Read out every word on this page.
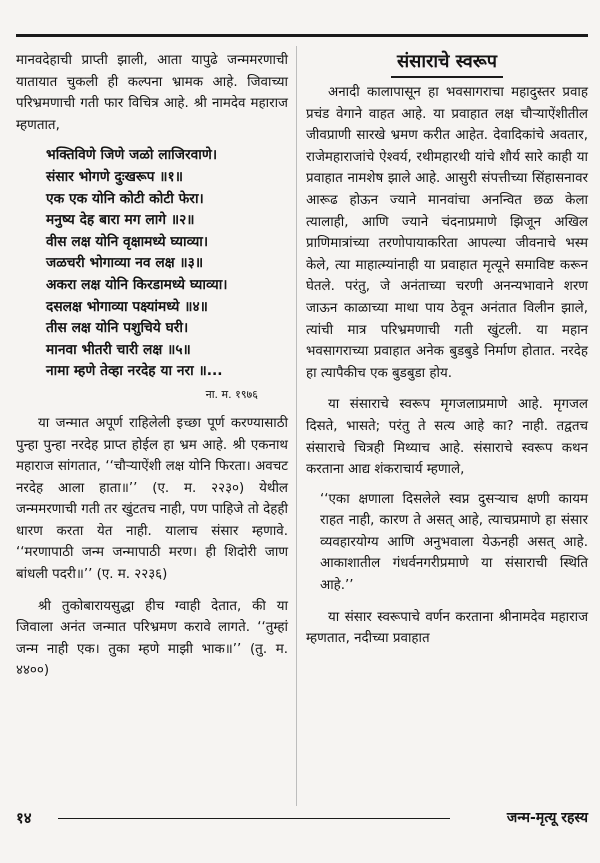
मानवदेहाची प्राप्ती झाली, आता यापुढे जन्ममरणाची यातायात चुकली ही कल्पना भ्रामक आहे. जिवाच्या परिभ्रमणाची गती फार विचित्र आहे. श्री नामदेव महाराज म्हणतात,

भक्तिविणे जिणे जळो लाजिरवाणे।
संसार भोगणे दुःखरूप ॥१॥
एक एक योनि कोटी कोटी फेरा।
मनुष्य देह बारा मग लागे ॥२॥
वीस लक्ष योनि वृक्षामध्ये घ्याव्या।
जळचरी भोगाव्या नव लक्ष ॥३॥
अकरा लक्ष योनि किरडामध्ये घ्याव्या।
दसलक्ष भोगाव्या पक्ष्यांमध्ये ॥४॥
तीस लक्ष योनि पशुचिये घरी।
मानवा भीतरी चारी लक्ष ॥५॥
नामा म्हणे तेव्हा नरदेह या नरा ॥...
ना. म. १९७६

या जन्मात अपूर्ण राहिलेली इच्छा पूर्ण करण्यासाठी पुन्हा पुन्हा नरदेह प्राप्त होईल हा भ्रम आहे. श्री एकनाथ महाराज सांगतात, ‘‘चौऱ्याऐंशी लक्ष योनि फिरता। अवचट नरदेह आला हाता॥’’ (ए. म. २२३०) येथील जन्ममरणाची गती तर खुंटतच नाही, पण पाहिजे तो देहही धारण करता येत नाही. यालाच संसार म्हणावे. ‘‘मरणापाठी जन्म जन्मापाठी मरण। ही शिदोरी जाण बांधली पदरी॥’’ (ए. म. २२३६)

श्री तुकोबारायसुद्धा हीच ग्वाही देतात, की या जिवाला अनंत जन्मात परिभ्रमण करावे लागते. ‘‘तुम्हां जन्म नाही एक। तुका म्हणे माझी भाक॥’’ (तु. म. ४४००)

संसाराचे स्वरूप

अनादी कालापासून हा भवसागराचा महादुस्तर प्रवाह प्रचंड वेगाने वाहत आहे. या प्रवाहात लक्ष चौऱ्याऐंशीतील जीवप्राणी सारखे भ्रमण करीत आहेत. देवादिकांचे अवतार, राजेमहाराजांचे ऐश्वर्य, रथीमहारथी यांचे शौर्य सारे काही या प्रवाहात नामशेष झाले आहे. आसुरी संपत्तीच्या सिंहासनावर आरूढ होऊन ज्याने मानवांचा अनन्वित छळ केला त्यालाही, आणि ज्याने चंदनाप्रमाणे झिजून अखिल प्राणिमात्रांच्या तरणोपायाकरिता आपल्या जीवनाचे भस्म केले, त्या माहात्म्यांनाही या प्रवाहात मृत्यूने समाविष्ट करून घेतले. परंतु, जे अनंताच्या चरणी अनन्यभावाने शरण जाऊन काळाच्या माथा पाय ठेवून अनंतात विलीन झाले, त्यांची मात्र परिभ्रमणाची गती खुंटली. या महान भवसागराच्या प्रवाहात अनेक बुडबुडे निर्माण होतात. नरदेह हा त्यापैकीच एक बुडबुडा होय.

या संसाराचे स्वरूप मृगजलाप्रमाणे आहे. मृगजल दिसते, भासते; परंतु ते सत्य आहे का? नाही. तद्वतच संसाराचे चित्रही मिथ्याच आहे. संसाराचे स्वरूप कथन करताना आद्य शंकराचार्य म्हणाले,

‘‘एका क्षणाला दिसलेले स्वप्न दुसऱ्याच क्षणी कायम राहत नाही, कारण ते असत् आहे, त्याचप्रमाणे हा संसार व्यवहारयोग्य आणि अनुभवाला येऊनही असत् आहे. आकाशातील गंधर्वनगरीप्रमाणे या संसाराची स्थिति आहे.’’

या संसार स्वरूपाचे वर्णन करताना श्रीनामदेव महाराज म्हणतात, नदीच्या प्रवाहात

१४	जन्म-मृत्यू रहस्य
